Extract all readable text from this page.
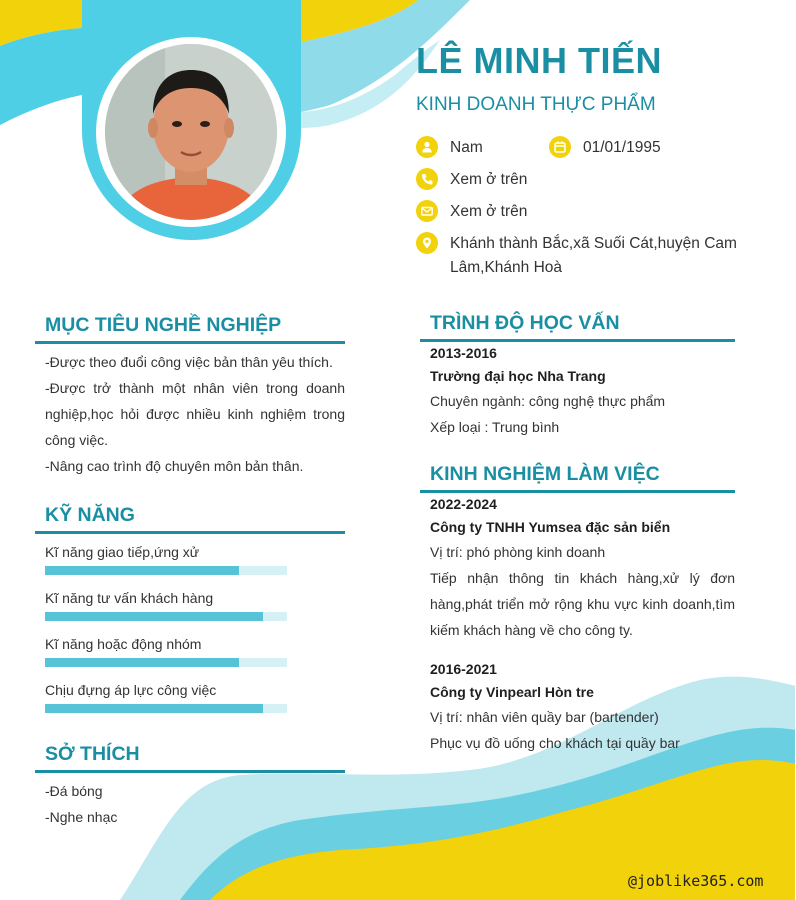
LÊ MINH TIẾN
KINH DOANH THỰC PHẨM
Nam	01/01/1995
Xem ở trên
Xem ở trên
Khánh thành Bắc,xã Suối Cát,huyện Cam Lâm,Khánh Hoà
MỤC TIÊU NGHỀ NGHIỆP
-Được theo đuổi công việc bản thân yêu thích.
-Được trở thành một nhân viên trong doanh nghiệp,học hỏi được nhiều kinh nghiệm trong công việc.
-Nâng cao trình độ chuyên môn bản thân.
KỸ NĂNG
Kĩ năng giao tiếp,ứng xử
Kĩ năng tư vấn khách hàng
Kĩ năng hoặc động nhóm
Chịu đựng áp lực công việc
SỞ THÍCH
-Đá bóng
-Nghe nhạc
TRÌNH ĐỘ HỌC VẤN
2013-2016
Trường đại học Nha Trang
Chuyên ngành: công nghệ thực phẩm
Xếp loại : Trung bình
KINH NGHIỆM LÀM VIỆC
2022-2024
Công ty TNHH Yumsea đặc sản biển
Vị trí: phó phòng kinh doanh
Tiếp nhận thông tin khách hàng,xử lý đơn hàng,phát triển mở rộng khu vực kinh doanh,tìm kiếm khách hàng về cho công ty.
2016-2021
Công ty Vinpearl Hòn tre
Vị trí: nhân viên quầy bar (bartender)
Phục vụ đồ uống cho khách tại quầy bar
@joblike365.com
